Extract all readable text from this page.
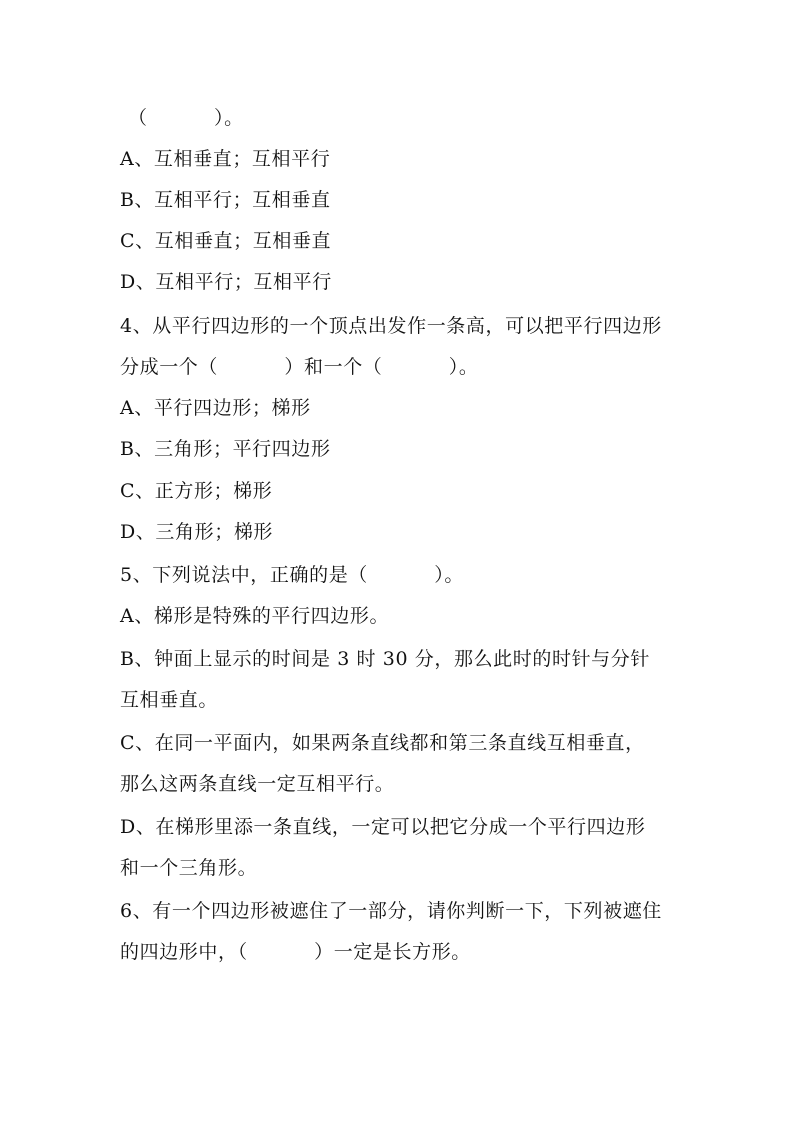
（          ）。
A、互相垂直；互相平行
B、互相平行；互相垂直
C、互相垂直；互相垂直
D、互相平行；互相平行
4、从平行四边形的一个顶点出发作一条高，可以把平行四边形
分成一个（          ）和一个（          ）。
A、平行四边形；梯形
B、三角形；平行四边形
C、正方形；梯形
D、三角形；梯形
5、下列说法中，正确的是（          ）。
A、梯形是特殊的平行四边形。
B、钟面上显示的时间是 3 时 30 分，那么此时的时针与分针
互相垂直。
C、在同一平面内，如果两条直线都和第三条直线互相垂直，
那么这两条直线一定互相平行。
D、在梯形里添一条直线，一定可以把它分成一个平行四边形
和一个三角形。
6、有一个四边形被遮住了一部分，请你判断一下，下列被遮住
的四边形中，（          ）一定是长方形。
